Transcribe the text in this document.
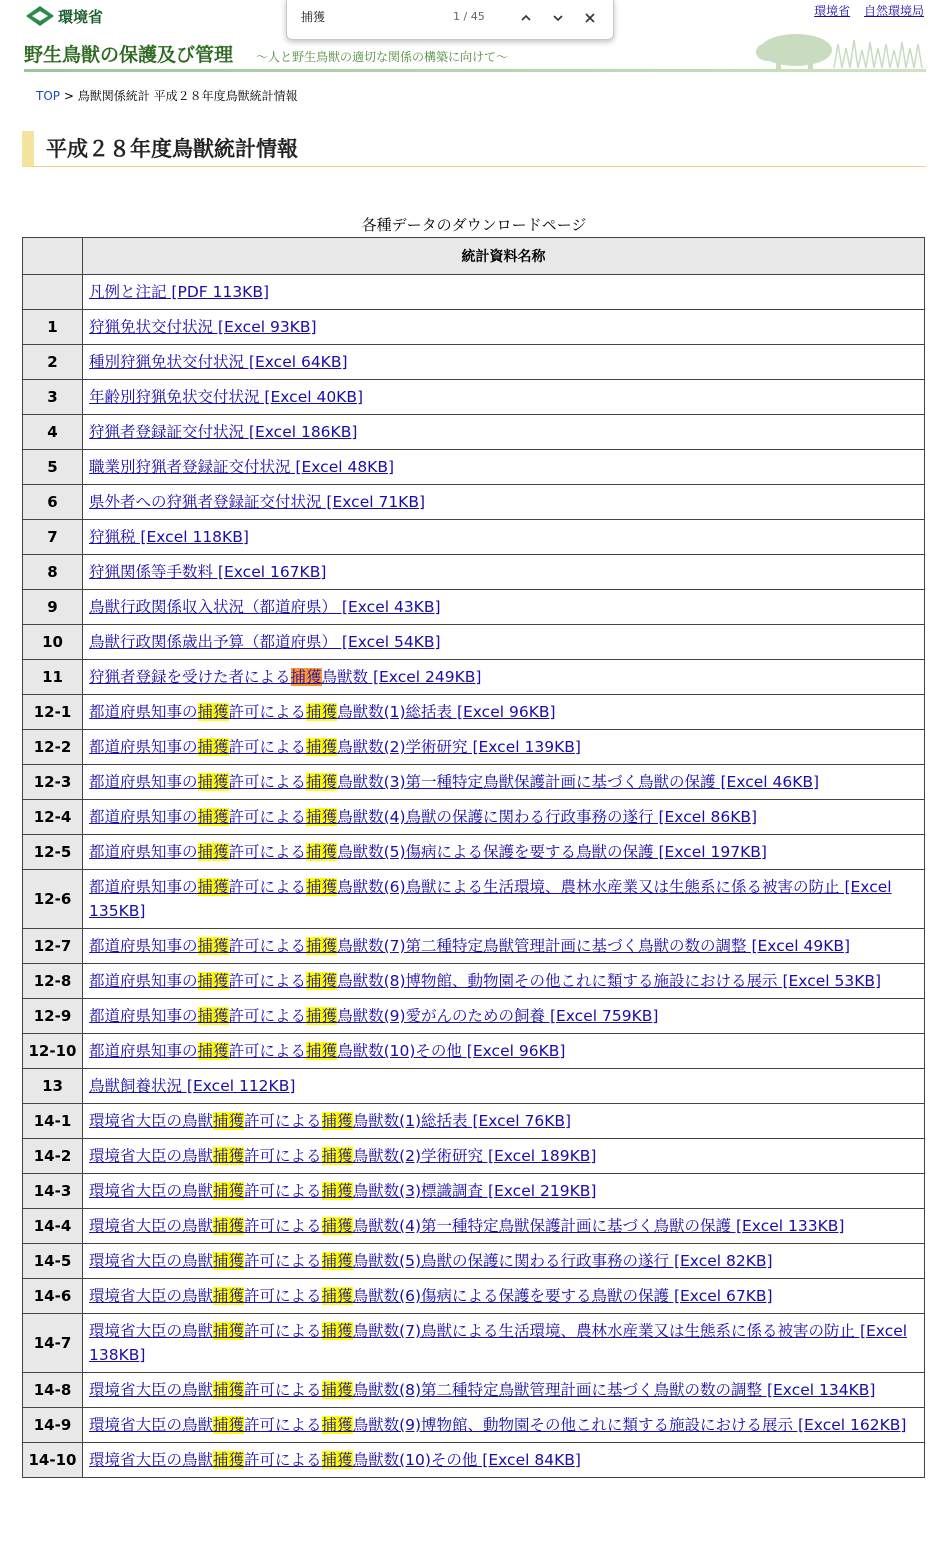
環境省
野生鳥獣の保護及び管理 ～人と野生鳥獣の適切な関係の構築に向けて～
環境省 自然環境局
捕獲
1 / 45
TOP > 鳥獣関係統計 平成２８年度鳥獣統計情報
平成２８年度鳥獣統計情報
各種データのダウンロードページ
	統計資料名称
	凡例と注記 [PDF 113KB]
1	狩猟免状交付状況 [Excel 93KB]
2	種別狩猟免状交付状況 [Excel 64KB]
3	年齢別狩猟免状交付状況 [Excel 40KB]
4	狩猟者登録証交付状況 [Excel 186KB]
5	職業別狩猟者登録証交付状況 [Excel 48KB]
6	県外者への狩猟者登録証交付状況 [Excel 71KB]
7	狩猟税 [Excel 118KB]
8	狩猟関係等手数料 [Excel 167KB]
9	鳥獣行政関係収入状況（都道府県） [Excel 43KB]
10	鳥獣行政関係歳出予算（都道府県） [Excel 54KB]
11	狩猟者登録を受けた者による捕獲鳥獣数 [Excel 249KB]
12-1	都道府県知事の捕獲許可による捕獲鳥獣数(1)総括表 [Excel 96KB]
12-2	都道府県知事の捕獲許可による捕獲鳥獣数(2)学術研究 [Excel 139KB]
12-3	都道府県知事の捕獲許可による捕獲鳥獣数(3)第一種特定鳥獣保護計画に基づく鳥獣の保護 [Excel 46KB]
12-4	都道府県知事の捕獲許可による捕獲鳥獣数(4)鳥獣の保護に関わる行政事務の遂行 [Excel 86KB]
12-5	都道府県知事の捕獲許可による捕獲鳥獣数(5)傷病による保護を要する鳥獣の保護 [Excel 197KB]
12-6	都道府県知事の捕獲許可による捕獲鳥獣数(6)鳥獣による生活環境、農林水産業又は生態系に係る被害の防止 [Excel 135KB]
12-7	都道府県知事の捕獲許可による捕獲鳥獣数(7)第二種特定鳥獣管理計画に基づく鳥獣の数の調整 [Excel 49KB]
12-8	都道府県知事の捕獲許可による捕獲鳥獣数(8)博物館、動物園その他これに類する施設における展示 [Excel 53KB]
12-9	都道府県知事の捕獲許可による捕獲鳥獣数(9)愛がんのための飼養 [Excel 759KB]
12-10	都道府県知事の捕獲許可による捕獲鳥獣数(10)その他 [Excel 96KB]
13	鳥獣飼養状況 [Excel 112KB]
14-1	環境省大臣の鳥獣捕獲許可による捕獲鳥獣数(1)総括表 [Excel 76KB]
14-2	環境省大臣の鳥獣捕獲許可による捕獲鳥獣数(2)学術研究 [Excel 189KB]
14-3	環境省大臣の鳥獣捕獲許可による捕獲鳥獣数(3)標識調査 [Excel 219KB]
14-4	環境省大臣の鳥獣捕獲許可による捕獲鳥獣数(4)第一種特定鳥獣保護計画に基づく鳥獣の保護 [Excel 133KB]
14-5	環境省大臣の鳥獣捕獲許可による捕獲鳥獣数(5)鳥獣の保護に関わる行政事務の遂行 [Excel 82KB]
14-6	環境省大臣の鳥獣捕獲許可による捕獲鳥獣数(6)傷病による保護を要する鳥獣の保護 [Excel 67KB]
14-7	環境省大臣の鳥獣捕獲許可による捕獲鳥獣数(7)鳥獣による生活環境、農林水産業又は生態系に係る被害の防止 [Excel 138KB]
14-8	環境省大臣の鳥獣捕獲許可による捕獲鳥獣数(8)第二種特定鳥獣管理計画に基づく鳥獣の数の調整 [Excel 134KB]
14-9	環境省大臣の鳥獣捕獲許可による捕獲鳥獣数(9)博物館、動物園その他これに類する施設における展示 [Excel 162KB]
14-10	環境省大臣の鳥獣捕獲許可による捕獲鳥獣数(10)その他 [Excel 84KB]
